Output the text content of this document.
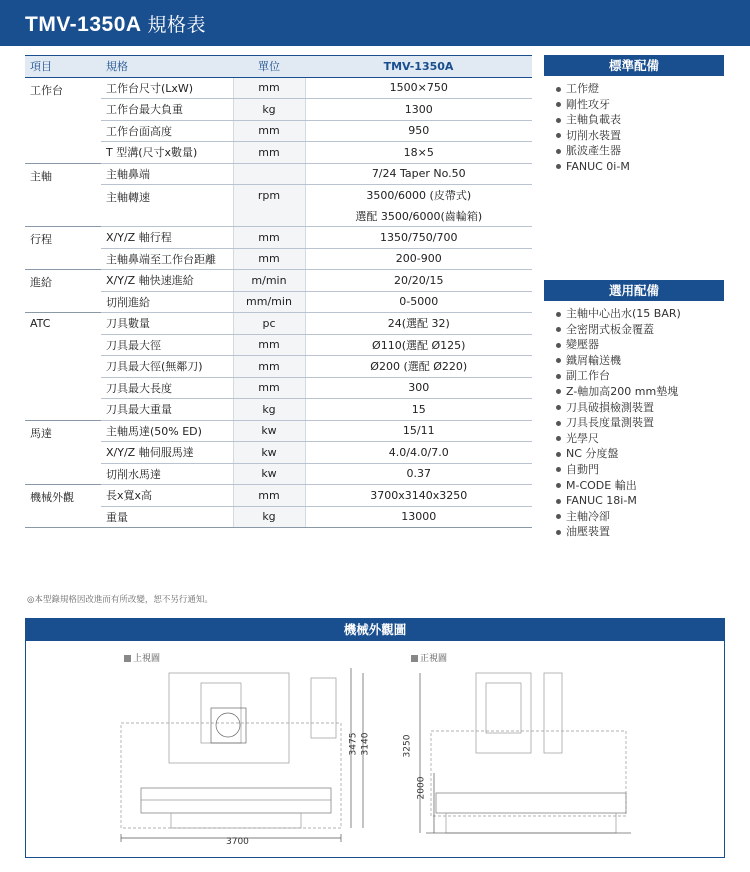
TMV-1350A 規格表
項目	規格	單位	TMV-1350A
工作台	工作台尺寸(LxW)	mm	1500×750
	工作台最大負重	kg	1300
	工作台面高度	mm	950
	T 型溝(尺寸x數量)	mm	18×5
主軸	主軸鼻端		7/24 Taper No.50
	主軸轉速	rpm	3500/6000 (皮帶式)
			選配 3500/6000(齒輪箱)
行程	X/Y/Z 軸行程	mm	1350/750/700
	主軸鼻端至工作台距離	mm	200-900
進給	X/Y/Z 軸快速進給	m/min	20/20/15
	切削進給	mm/min	0-5000
ATC	刀具數量	pc	24(選配 32)
	刀具最大徑	mm	Ø110(選配 Ø125)
	刀具最大徑(無鄰刀)	mm	Ø200 (選配 Ø220)
	刀具最大長度	mm	300
	刀具最大重量	kg	15
馬達	主軸馬達(50% ED)	kw	15/11
	X/Y/Z 軸伺服馬達	kw	4.0/4.0/7.0
	切削水馬達	kw	0.37
機械外觀	長x寬x高	mm	3700x3140x3250
	重量	kg	13000
◎本型錄規格因改進而有所改變，恕不另行通知。
標準配備
工作燈
剛性攻牙
主軸負載表
切削水裝置
脈波產生器
FANUC 0i-M
選用配備
主軸中心出水(15 BAR)
全密閉式板金覆蓋
變壓器
鐵屑輸送機
副工作台
Z-軸加高200 mm墊塊
刀具破損檢測裝置
刀具長度量測裝置
光學尺
NC 分度盤
自動門
M-CODE 輸出
FANUC 18i-M
主軸冷卻
油壓裝置
機械外觀圖
上視圖	正視圖
3700
3475 3140	3250
2000
